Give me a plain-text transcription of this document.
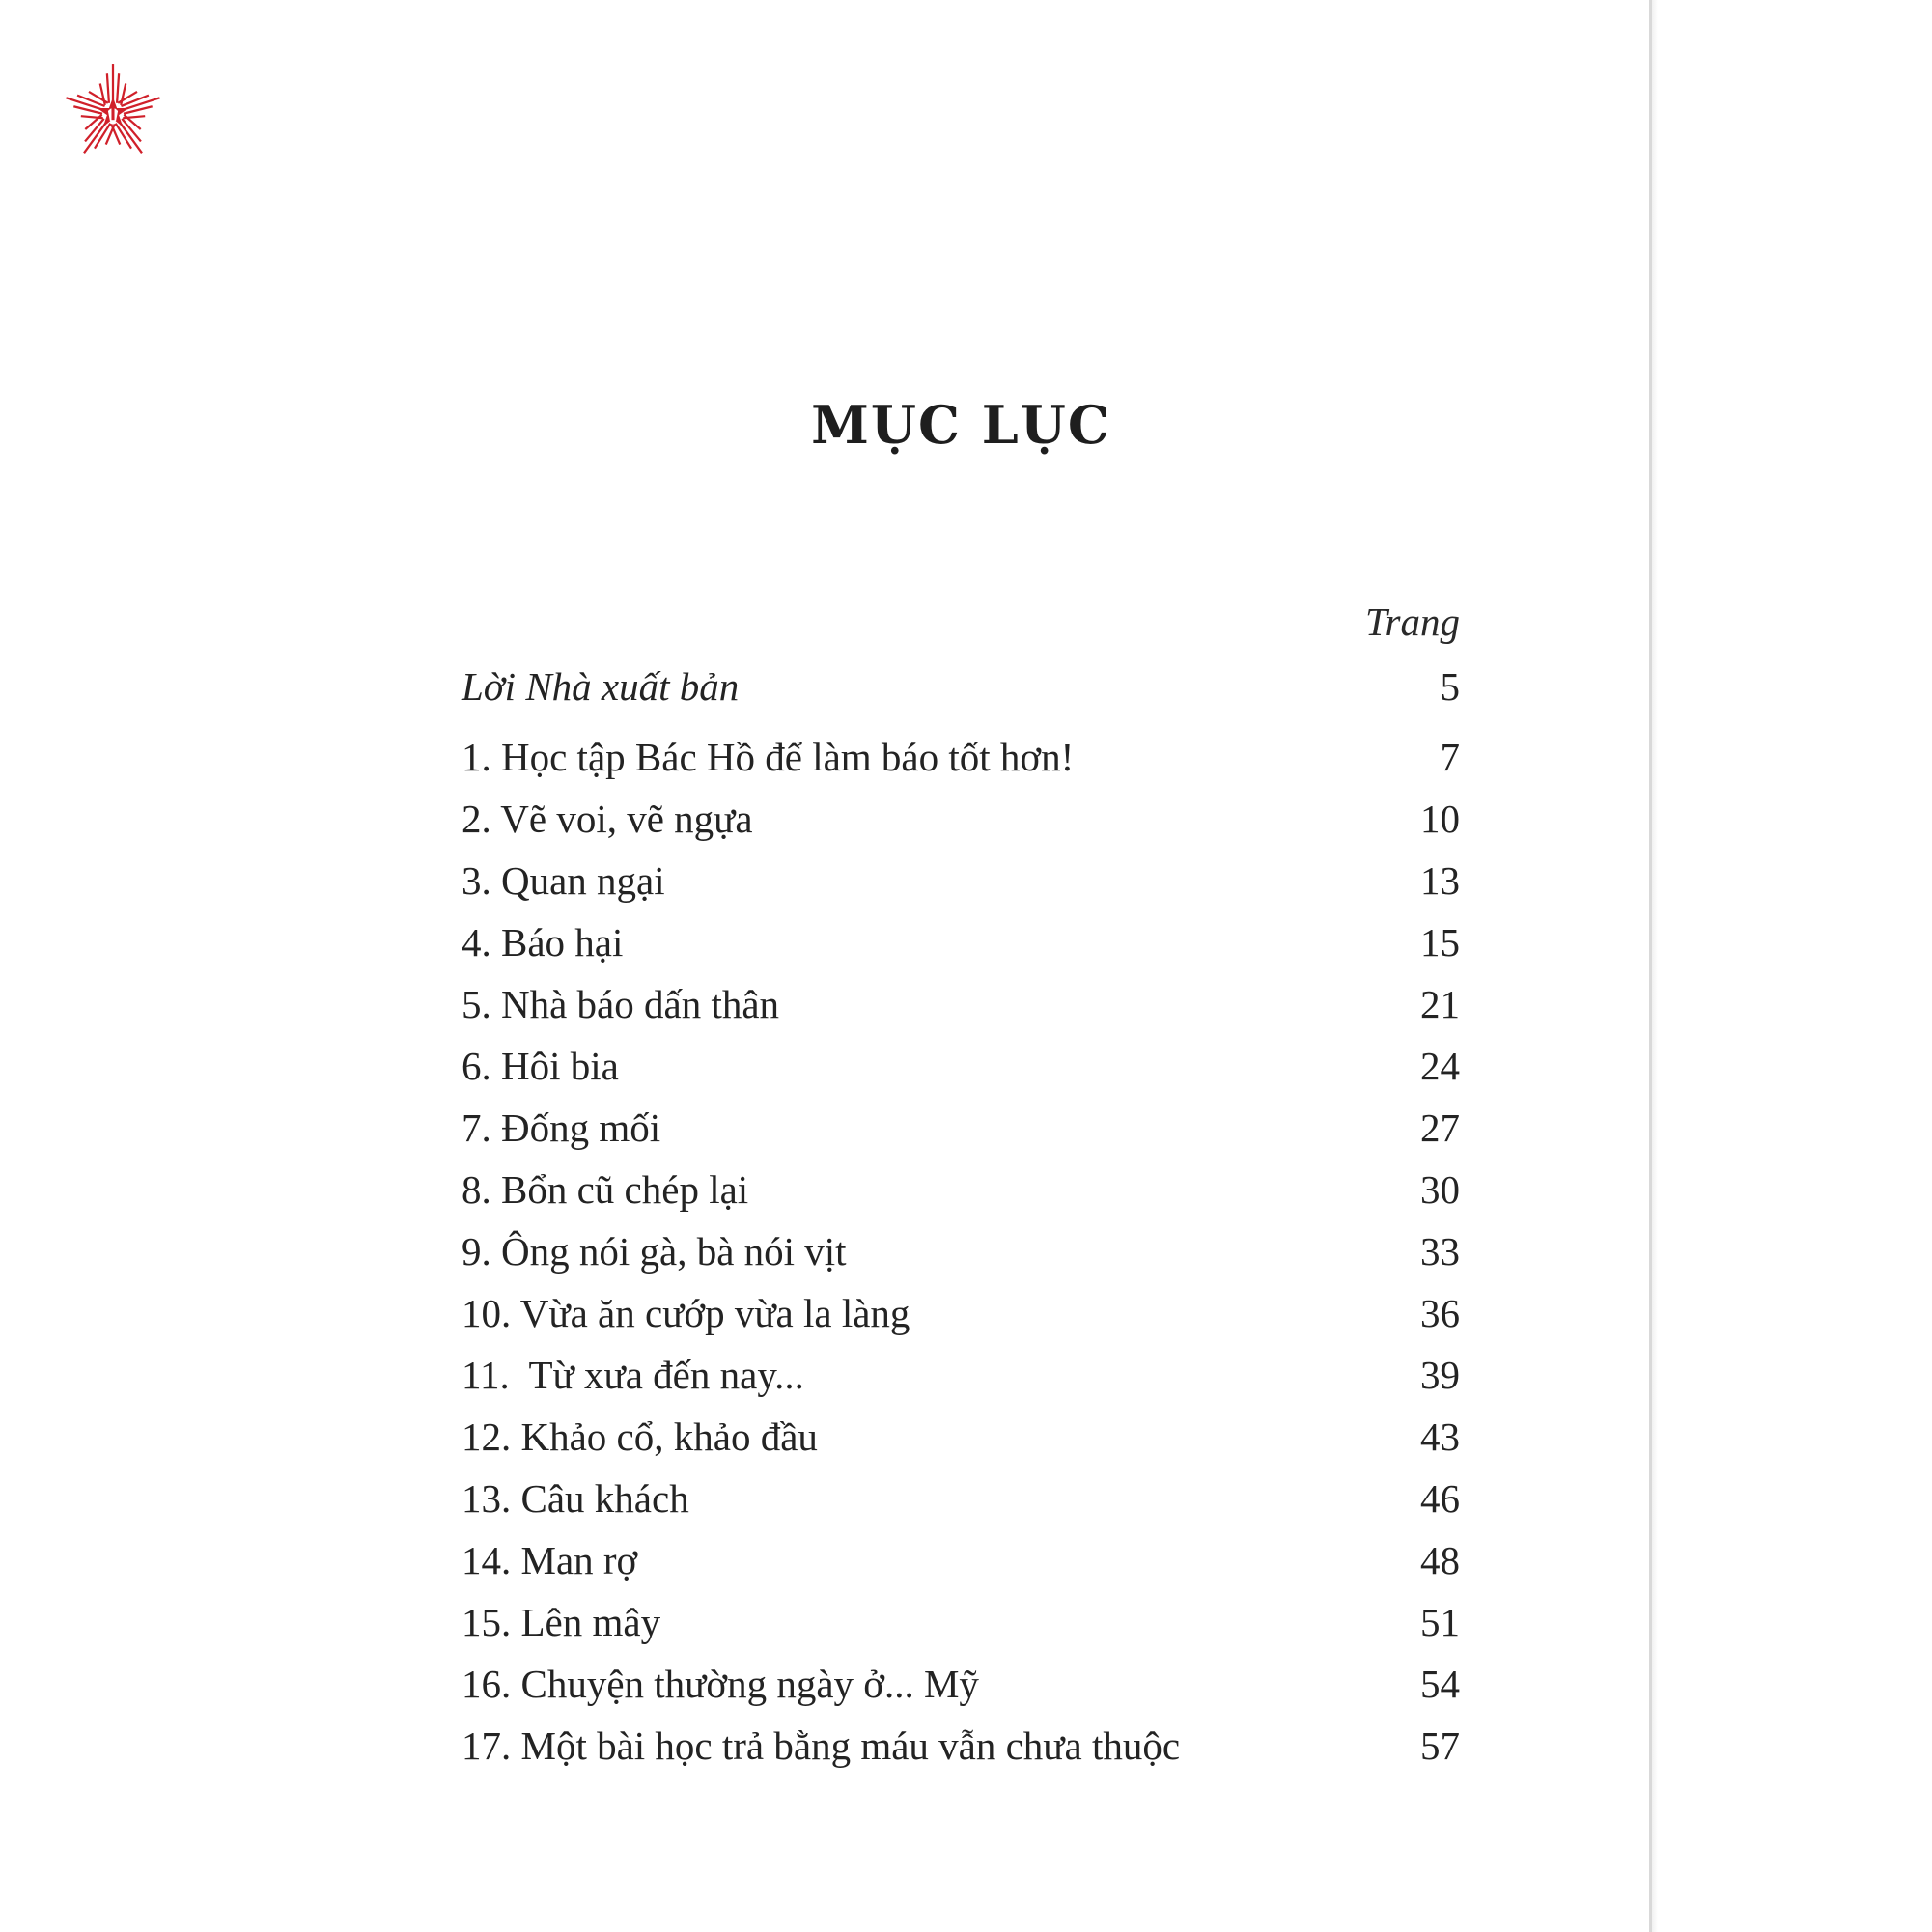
MỤC LỤC
Trang
Lời Nhà xuất bản	5
1. Học tập Bác Hồ để làm báo tốt hơn!	7
2. Vẽ voi, vẽ ngựa	10
3. Quan ngại	13
4. Báo hại	15
5. Nhà báo dấn thân	21
6. Hôi bia	24
7. Đống mối	27
8. Bổn cũ chép lại	30
9. Ông nói gà, bà nói vịt	33
10. Vừa ăn cướp vừa la làng	36
11.  Từ xưa đến nay...	39
12. Khảo cổ, khảo đầu	43
13. Câu khách	46
14. Man rợ	48
15. Lên mây	51
16. Chuyện thường ngày ở... Mỹ	54
17. Một bài học trả bằng máu vẫn chưa thuộc	57
